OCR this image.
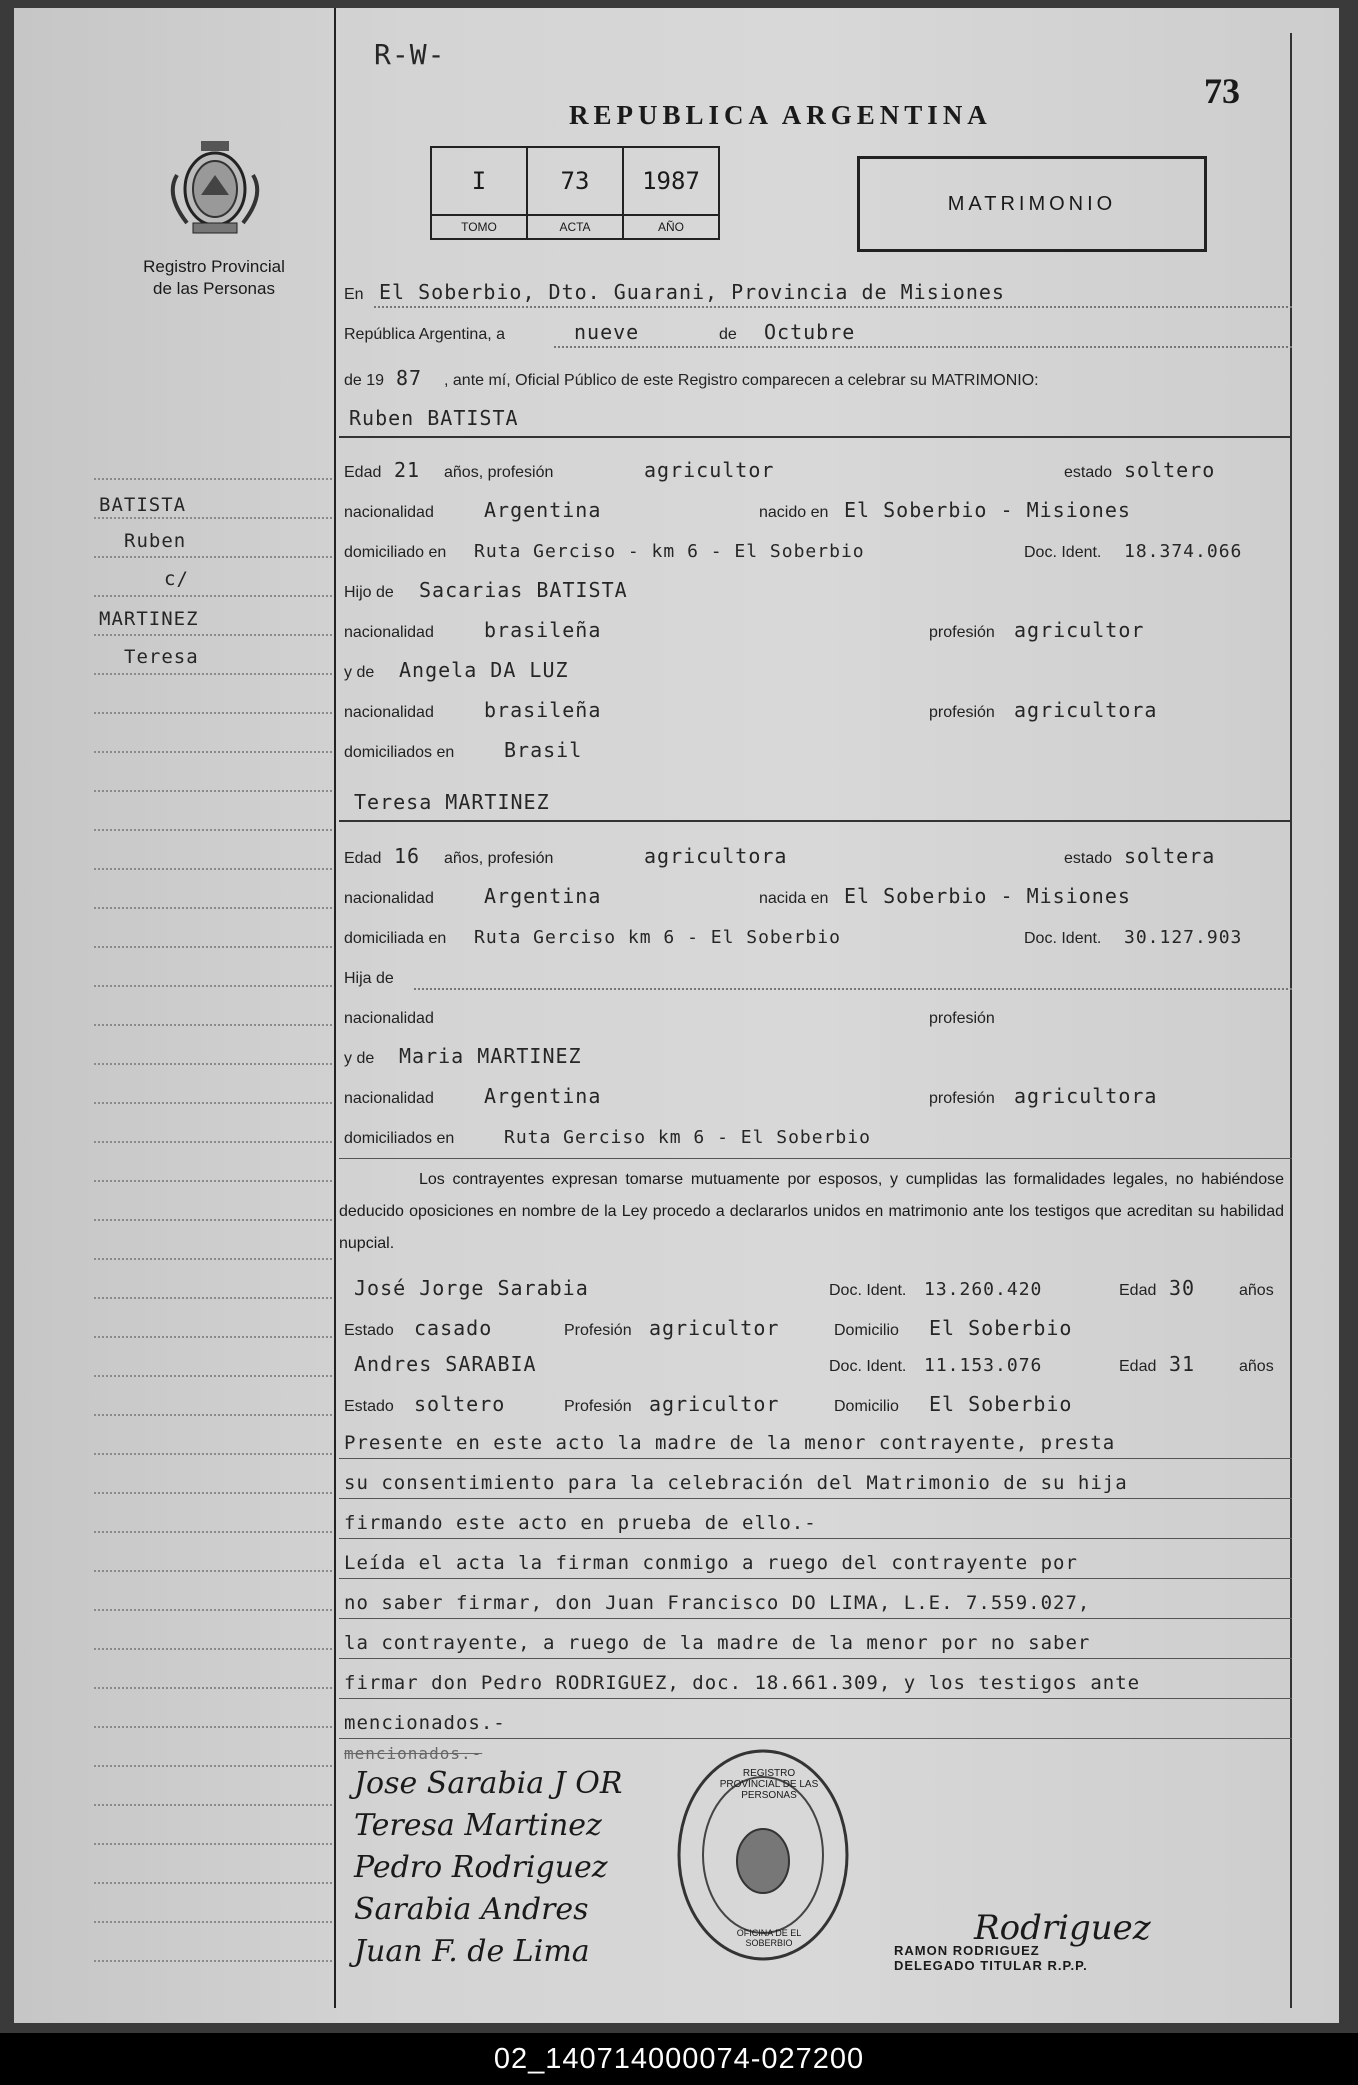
R-W-
REPUBLICA ARGENTINA
73
I
TOMO
73
ACTA
1987
AÑO
MATRIMONIO
Registro Provincial
de las Personas
BATISTA
Ruben
c/
MARTINEZ
Teresa
En El Soberbio, Dto. Guarani, Provincia de Misiones
República Argentina, a	nueve	de Octubre
de 19 87 , ante mí, Oficial Público de este Registro comparecen a celebrar su MATRIMONIO:
Ruben BATISTA
Edad 21 años, profesión	agricultor	estado soltero
nacionalidad	Argentina	nacido en El Soberbio - Misiones
domiciliado en Ruta Gerciso - km 6 - El Soberbio	Doc. Ident. 18.374.066
Hijo de Sacarias BATISTA
nacionalidad	brasileña	profesión agricultor
y de Angela DA LUZ
nacionalidad	brasileña	profesión agricultora
domiciliados en Brasil
Teresa MARTINEZ
Edad 16 años, profesión	agricultora	estado soltera
nacionalidad	Argentina	nacida en El Soberbio - Misiones
domiciliada en Ruta Gerciso km 6 - El Soberbio	Doc. Ident. 30.127.903
Hija de
nacionalidad	profesión
y de Maria MARTINEZ
nacionalidad	Argentina	profesión agricultora
domiciliados en	Ruta Gerciso km 6 - El Soberbio
Los contrayentes expresan tomarse mutuamente por esposos, y cumplidas las formalidades legales, no habiéndose deducido oposiciones en nombre de la Ley procedo a declararlos unidos en matrimonio ante los testigos que acreditan su habilidad nupcial.
José Jorge Sarabia	Doc. Ident. 13.260.420	Edad 30	años
Estado casado	Profesión agricultor	Domicilio El Soberbio
Andres SARABIA	Doc. Ident. 11.153.076	Edad 31	años
Estado soltero	Profesión agricultor	Domicilio El Soberbio
Presente en este acto la madre de la menor contrayente, presta
su consentimiento para la celebración del Matrimonio de su hija
firmando este acto en prueba de ello.-
Leída el acta la firman conmigo a ruego del contrayente por
no saber firmar, don Juan Francisco DO LIMA, L.E. 7.559.027,
la contrayente, a ruego de la madre de la menor por no saber
firmar don Pedro RODRIGUEZ, doc. 18.661.309, y los testigos ante
mencionados.-
mencionados.-
Jose Sarabia J OR
Teresa Martinez
Pedro Rodriguez
Sarabia Andres
Juan F. de Lima
REGISTRO PROVINCIAL DE LAS PERSONAS
OFICINA DE EL SOBERBIO	Rodriguez
RAMON RODRIGUEZ
DELEGADO TITULAR R.P.P.
02_140714000074-027200
